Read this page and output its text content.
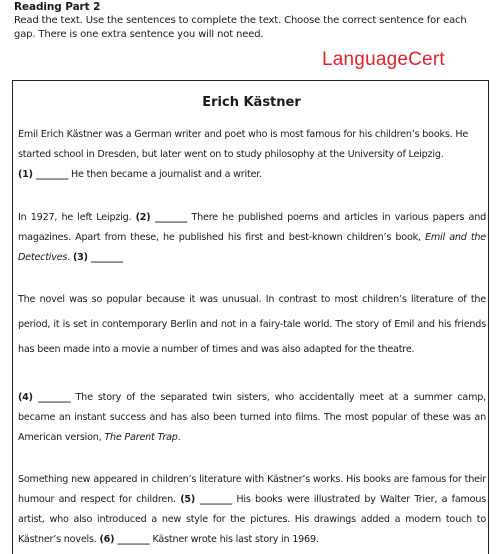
Reading Part 2
Read the text. Use the sentences to complete the text. Choose the correct sentence for each gap. There is one extra sentence you will not need.
LanguageCert
Erich Kästner
Emil Erich Kästner was a German writer and poet who is most famous for his children’s books. He
started school in Dresden, but later went on to study philosophy at the University of Leipzig.
(1) _______ He then became a journalist and a writer.
In 1927, he left Leipzig. (2) _______ There he published poems and articles in various papers and magazines. Apart from these, he published his first and best-known children’s book, Emil and the Detectives. (3) _______
The novel was so popular because it was unusual. In contrast to most children’s literature of the period, it is set in contemporary Berlin and not in a fairy-tale world. The story of Emil and his friends has been made into a movie a number of times and was also adapted for the theatre.
(4) _______ The story of the separated twin sisters, who accidentally meet at a summer camp, became an instant success and has also been turned into films. The most popular of these was an American version, The Parent Trap.
Something new appeared in children’s literature with Kästner’s works. His books are famous for their humour and respect for children. (5) _______ His books were illustrated by Walter Trier, a famous artist, who also introduced a new style for the pictures. His drawings added a modern touch to Kästner’s novels. (6) _______ Kästner wrote his last story in 1969.
